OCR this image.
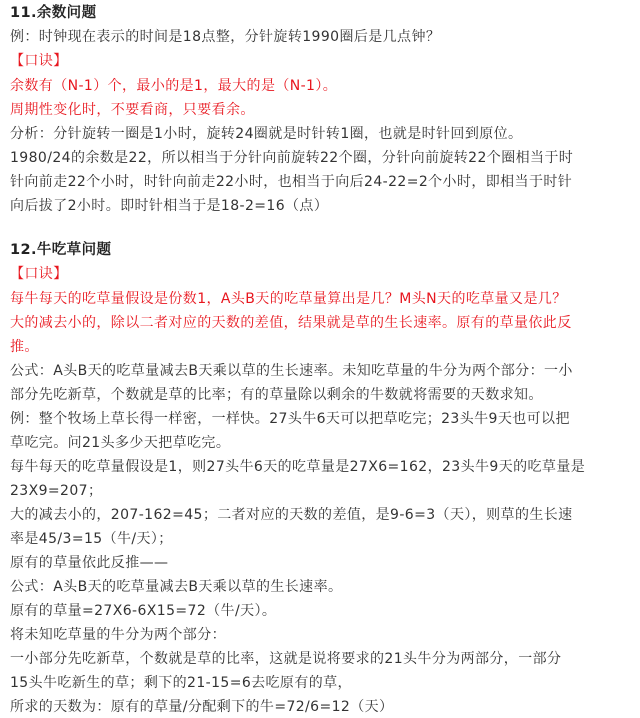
11.余数问题
例：时钟现在表示的时间是18点整，分针旋转1990圈后是几点钟？
【口诀】
余数有（N-1）个，最小的是1，最大的是（N-1）。
周期性变化时，不要看商，只要看余。
分析：分针旋转一圈是1小时，旋转24圈就是时针转1圈，也就是时针回到原位。
1980/24的余数是22，所以相当于分针向前旋转22个圈，分针向前旋转22个圈相当于时
针向前走22个小时，时针向前走22小时，也相当于向后24-22=2个小时，即相当于时针
向后拔了2小时。即时针相当于是18-2=16（点）
12.牛吃草问题
【口诀】
每牛每天的吃草量假设是份数1，A头B天的吃草量算出是几？M头N天的吃草量又是几？
大的减去小的，除以二者对应的天数的差值，结果就是草的生长速率。原有的草量依此反
推。
公式：A头B天的吃草量减去B天乘以草的生长速率。未知吃草量的牛分为两个部分：一小
部分先吃新草，个数就是草的比率；有的草量除以剩余的牛数就将需要的天数求知。
例：整个牧场上草长得一样密，一样快。27头牛6天可以把草吃完；23头牛9天也可以把
草吃完。问21头多少天把草吃完。
每牛每天的吃草量假设是1，则27头牛6天的吃草量是27X6=162，23头牛9天的吃草量是
23X9=207；
大的减去小的，207-162=45；二者对应的天数的差值，是9-6=3（天），则草的生长速
率是45/3=15（牛/天）；
原有的草量依此反推——
公式：A头B天的吃草量减去B天乘以草的生长速率。
原有的草量=27X6-6X15=72（牛/天）。
将未知吃草量的牛分为两个部分：
一小部分先吃新草，个数就是草的比率，这就是说将要求的21头牛分为两部分，一部分
15头牛吃新生的草；剩下的21-15=6去吃原有的草，
所求的天数为：原有的草量/分配剩下的牛=72/6=12（天）
